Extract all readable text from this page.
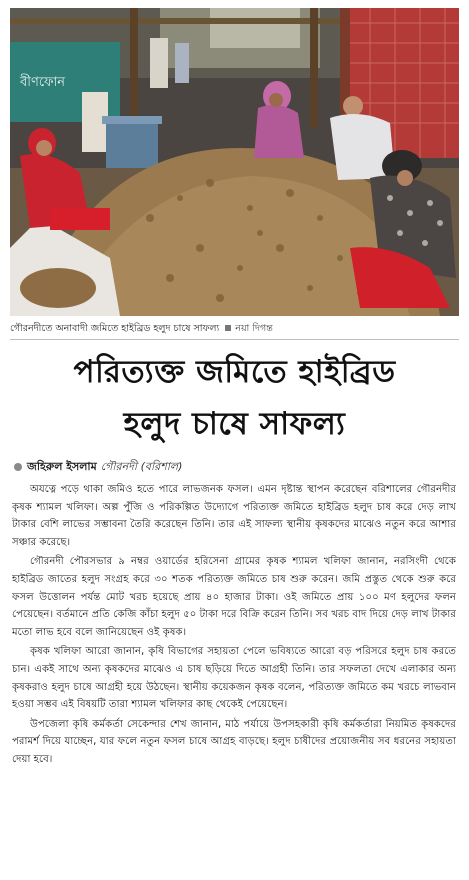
বীণফোন
গৌরনদীতে অনাবাদী জমিতে হাইব্রিড হলুদ চাষে সাফল্য নয়া দিগন্ত
পরিত্যক্ত জমিতে হাইব্রিড
হলুদ চাষে সাফল্য
জহিরুল ইসলাম গৌরনদী (বরিশাল)

অযত্নে পড়ে থাকা জমিও হতে পারে লাভজনক ফসল। এমন দৃষ্টান্ত স্থাপন করেছেন বরিশালের গৌরনদীর কৃষক শ্যামল খলিফা। অল্প পুঁজি ও পরিকল্পিত উদ্যোগে পরিত্যক্ত জমিতে হাইব্রিড হলুদ চাষ করে দেড় লাখ টাকার বেশি লাভের সম্ভাবনা তৈরি করেছেন তিনি। তার এই সাফল্য স্থানীয় কৃষকদের মাঝেও নতুন করে আশার সঞ্চার করেছে।

গৌরনদী পৌরসভার ৯ নম্বর ওয়ার্ডের হরিসেনা গ্রামের কৃষক শ্যামল খলিফা জানান, নরসিংদী থেকে হাইব্রিড জাতের হলুদ সংগ্রহ করে ৩০ শতক পরিত্যক্ত জমিতে চাষ শুরু করেন। জমি প্রস্তুত থেকে শুরু করে ফসল উত্তোলন পর্যন্ত মোট খরচ হয়েছে প্রায় ৪০ হাজার টাকা। ওই জমিতে প্রায় ১০০ মণ হলুদের ফলন পেয়েছেন। বর্তমানে প্রতি কেজি কাঁচা হলুদ ৫০ টাকা দরে বিক্রি করেন তিনি। সব খরচ বাদ দিয়ে দেড় লাখ টাকার মতো লাভ হবে বলে জানিয়েছেন ওই কৃষক।

কৃষক খলিফা আরো জানান, কৃষি বিভাগের সহায়তা পেলে ভবিষ্যতে আরো বড় পরিসরে হলুদ চাষ করতে চান। একই সাথে অন্য কৃষকদের মাঝেও এ চাষ ছড়িয়ে দিতে আগ্রহী তিনি। তার সফলতা দেখে এলাকার অন্য কৃষকরাও হলুদ চাষে আগ্রহী হয়ে উঠছেন। স্থানীয় কয়েকজন কৃষক বলেন, পরিত্যক্ত জমিতে কম খরচে লাভবান হওয়া সম্ভব এই বিষয়টি তারা শ্যামল খলিফার কাছ থেকেই পেয়েছেন।

উপজেলা কৃষি কর্মকর্তা সেকেন্দার শেখ জানান, মাঠ পর্যায়ে উপসহকারী কৃষি কর্মকর্তারা নিয়মিত কৃষকদের পরামর্শ দিয়ে যাচ্ছেন, যার ফলে নতুন ফসল চাষে আগ্রহ বাড়ছে। হলুদ চাষীদের প্রয়োজনীয় সব ধরনের সহায়তা দেয়া হবে।
